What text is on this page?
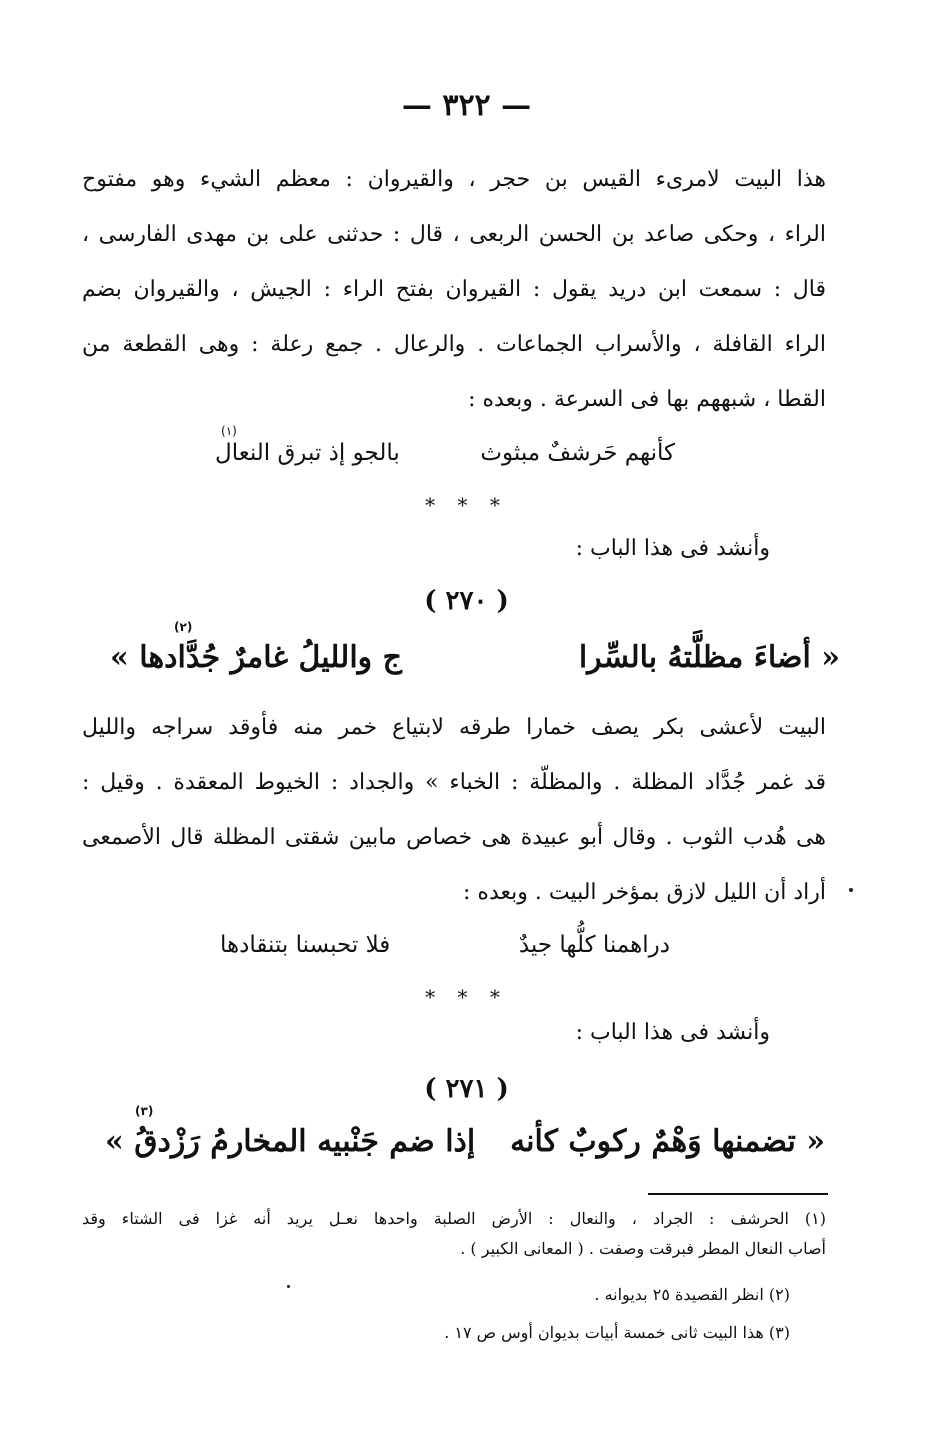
— ٣٢٢ —
هذا البيت لامرىء القيس بن حجر ، والقيروان : معظم الشيء وهو مفتوح
الراء ، وحكى صاعد بن الحسن الربعى ، قال : حدثنى على بن مهدى الفارسى ،
قال : سمعت ابن دريد يقول : القيروان بفتح الراء : الجيش ، والقيروان بضم
الراء القافلة ، والأسراب الجماعات . والرعال . جمع رعلة : وهى القطعة من
القطا ، شبههم بها فى السرعة . وبعده :
كأنهم حَرشفٌ مبثوث
(١)
بالجو إذ تبرق النعال
* * *
وأنشد فى هذا الباب :
( ٢٧٠ )
« أضاءَ مظلَّتهُ بالسِّرا
(٢)
ج والليلُ غامرٌ جُدَّادها »
البيت لأعشى بكر يصف خمارا طرقه لابتياع خمر منه فأوقد سراجه والليل
قد غمر جُدَّاد المظلة . والمظلّة : الخباء » والجداد : الخيوط المعقدة . وقيل :
هى هُدب الثوب . وقال أبو عبيدة هى خصاص مابين شقتى المظلة قال الأصمعى
أراد أن الليل لازق بمؤخر البيت . وبعده :
دراهمنا كلُّها جيدٌ
فلا تحبسنا بتنقادها
* * *
وأنشد فى هذا الباب :
( ٢٧١ )
« تضمنها وَهْمٌ ركوبٌ كأنه
(٣)
إذا ضم جَنْبيه المخارمُ رَزْدقُ »
(١) الحرشف : الجراد ، والنعال : الأرض الصلبة واحدها نعـل يريد أنه غزا فى الشتاء وقد
أصاب النعال المطر فبرقت وصفت . ( المعانى الكبير ) .
(٢) انظر القصيدة ٢٥ بديوانه .
(٣) هذا البيت ثانى خمسة أبيات بديوان أوس ص ١٧ .
